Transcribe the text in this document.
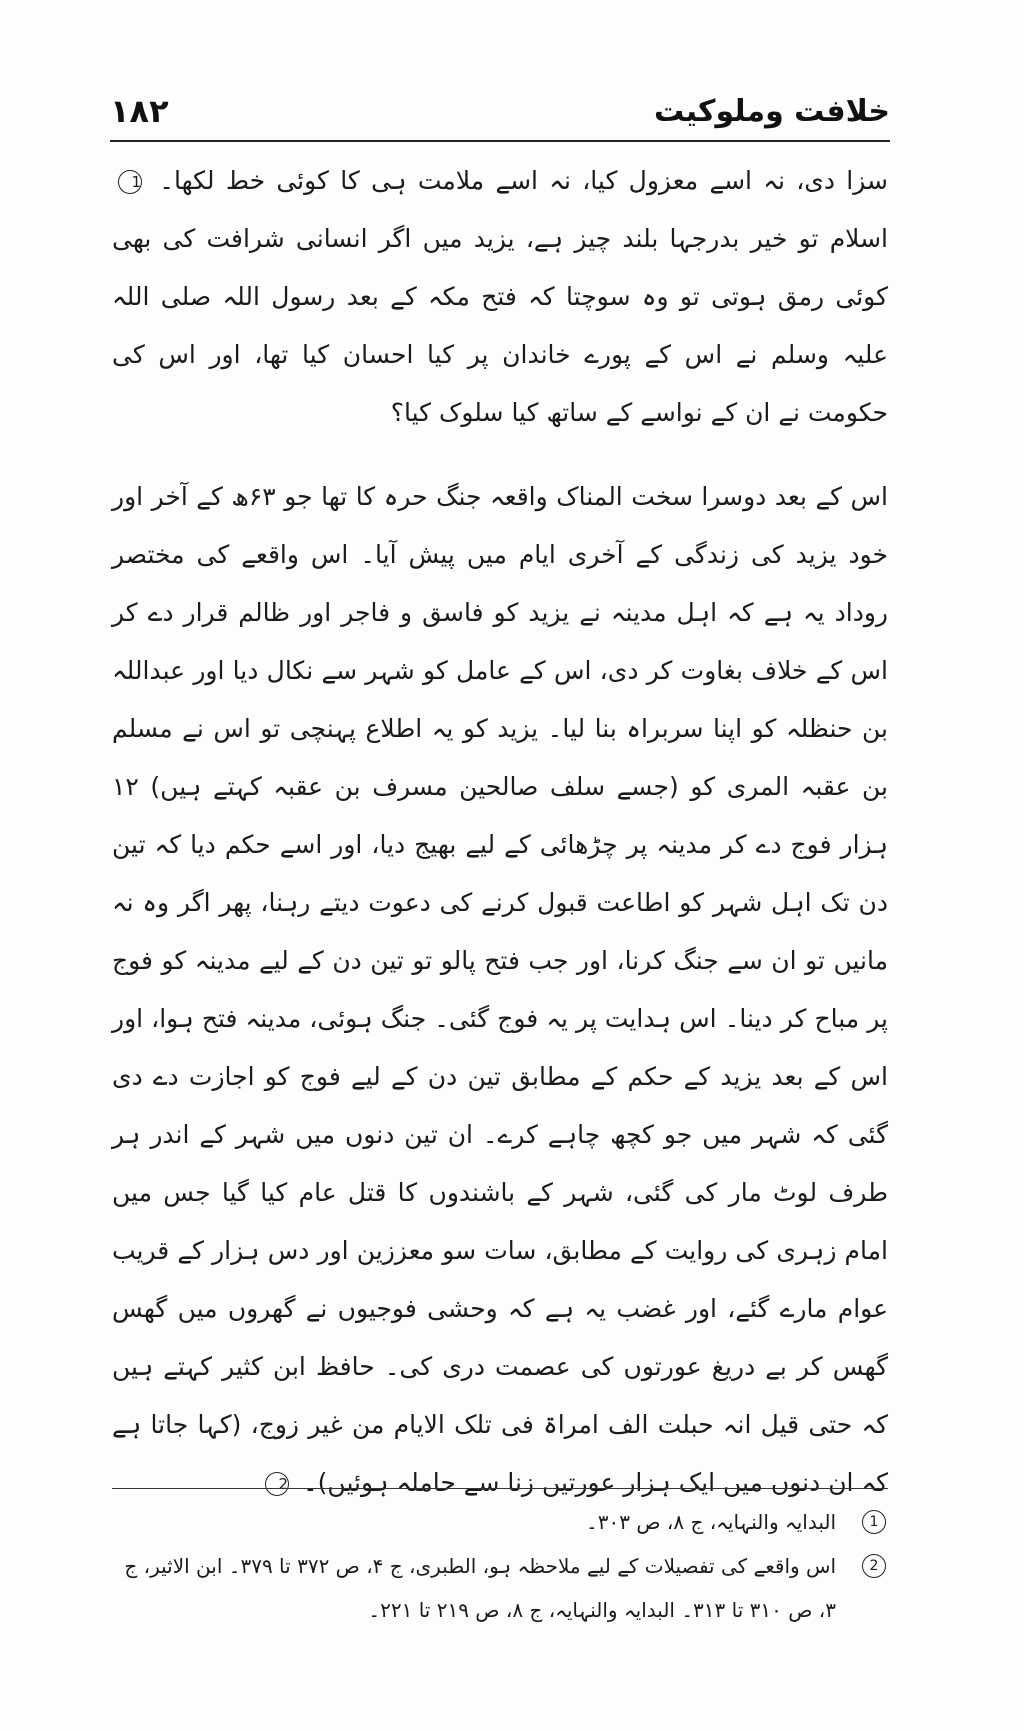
خلافت وملوکیت
۱۸۲

سزا دی، نہ اسے معزول کیا، نہ اسے ملامت ہی کا کوئی خط لکھا۔ 1 اسلام تو خیر بدرجہا بلند چیز ہے، یزید میں اگر انسانی شرافت کی بھی کوئی رمق ہوتی تو وہ سوچتا کہ فتح مکہ کے بعد رسول اللہ صلی اللہ علیہ وسلم نے اس کے پورے خاندان پر کیا احسان کیا تھا، اور اس کی حکومت نے ان کے نواسے کے ساتھ کیا سلوک کیا؟

اس کے بعد دوسرا سخت المناک واقعہ جنگ حرہ کا تھا جو ۶۳ھ کے آخر اور خود یزید کی زندگی کے آخری ایام میں پیش آیا۔ اس واقعے کی مختصر روداد یہ ہے کہ اہل مدینہ نے یزید کو فاسق و فاجر اور ظالم قرار دے کر اس کے خلاف بغاوت کر دی، اس کے عامل کو شہر سے نکال دیا اور عبداللہ بن حنظلہ کو اپنا سربراہ بنا لیا۔ یزید کو یہ اطلاع پہنچی تو اس نے مسلم بن عقبہ المری کو (جسے سلف صالحین مسرف بن عقبہ کہتے ہیں) ۱۲ ہزار فوج دے کر مدینہ پر چڑھائی کے لیے بھیج دیا، اور اسے حکم دیا کہ تین دن تک اہل شہر کو اطاعت قبول کرنے کی دعوت دیتے رہنا، پھر اگر وہ نہ مانیں تو ان سے جنگ کرنا، اور جب فتح پالو تو تین دن کے لیے مدینہ کو فوج پر مباح کر دینا۔ اس ہدایت پر یہ فوج گئی۔ جنگ ہوئی، مدینہ فتح ہوا، اور اس کے بعد یزید کے حکم کے مطابق تین دن کے لیے فوج کو اجازت دے دی گئی کہ شہر میں جو کچھ چاہے کرے۔ ان تین دنوں میں شہر کے اندر ہر طرف لوٹ مار کی گئی، شہر کے باشندوں کا قتل عام کیا گیا جس میں امام زہری کی روایت کے مطابق، سات سو معززین اور دس ہزار کے قریب عوام مارے گئے، اور غضب یہ ہے کہ وحشی فوجیوں نے گھروں میں گھس گھس کر بے دریغ عورتوں کی عصمت دری کی۔ حافظ ابن کثیر کہتے ہیں کہ حتی قیل انہ حبلت الف امراۃ فی تلک الایام من غیر زوج، (کہا جاتا ہے کہ ان دنوں میں ایک ہزار عورتیں زنا سے حاملہ ہوئیں)۔ 2

1
البدایہ والنہایہ، ج ۸، ص ۳۰۳۔

2
اس واقعے کی تفصیلات کے لیے ملاحظہ ہو، الطبری، ج ۴، ص ۳۷۲ تا ۳۷۹۔ ابن الاثیر، ج ۳، ص ۳۱۰ تا ۳۱۳۔ البدایہ والنہایہ، ج ۸، ص ۲۱۹ تا ۲۲۱۔
